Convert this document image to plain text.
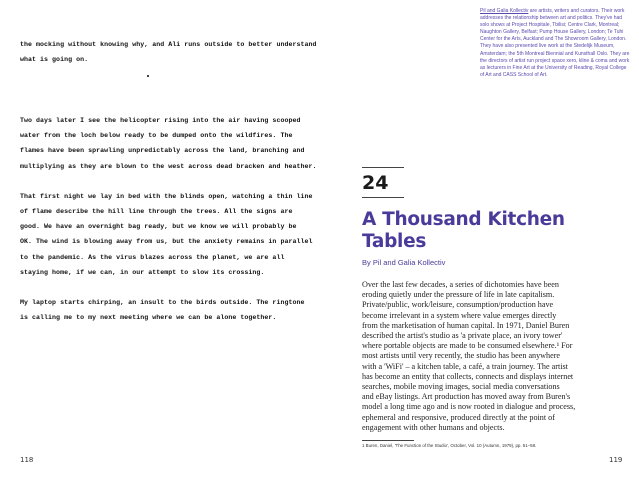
the mocking without knowing why, and Ali runs outside to better understand
what is going on.
Two days later I see the helicopter rising into the air having scooped
water from the loch below ready to be dumped onto the wildfires. The
flames have been sprawling unpredictably across the land, branching and
multiplying as they are blown to the west across dead bracken and heather.
That first night we lay in bed with the blinds open, watching a thin line
of flame describe the hill line through the trees. All the signs are
good. We have an overnight bag ready, but we know we will probably be
OK. The wind is blowing away from us, but the anxiety remains in parallel
to the pandemic. As the virus blazes across the planet, we are all
staying home, if we can, in our attempt to slow its crossing.
My laptop starts chirping, an insult to the birds outside. The ringtone
is calling me to my next meeting where we can be alone together.
118
Pil and Galia Kollectiv are artists, writers and curators. Their work addresses the relationship between art and politics. They've had solo shows at Project Hospitale, Tbilisi; Centre Clark, Montreal; Naughton Gallery, Belfast; Pump House Gallery, London; Te Tuhi Center for the Arts, Auckland and The Showroom Gallery, London. They have also presented live work at the Stedelijk Museum, Amsterdam; the 5th Montreal Biennial and Kunsthall Oslo. They are the directors of artist run project space xero, kline & coma and work as lecturers in Fine Art at the University of Reading, Royal College of Art and CASS School of Art.
24
A Thousand Kitchen
Tables
By Pil and Galia Kollectiv
Over the last few decades, a series of dichotomies have been
eroding quietly under the pressure of life in late capitalism.
Private/public, work/leisure, consumption/production have
become irrelevant in a system where value emerges directly
from the marketisation of human capital. In 1971, Daniel Buren
described the artist's studio as 'a private place, an ivory tower'
where portable objects are made to be consumed elsewhere.¹ For
most artists until very recently, the studio has been anywhere
with a 'WiFi' – a kitchen table, a café, a train journey. The artist
has become an entity that collects, connects and displays internet
searches, mobile moving images, social media conversations
and eBay listings. Art production has moved away from Buren's
model a long time ago and is now rooted in dialogue and process,
ephemeral and responsive, produced directly at the point of
engagement with other humans and objects.
1 Buren, Daniel, 'The Function of the Studio', October, Vol. 10 (Autumn, 1979), pp. 51–58.
119
